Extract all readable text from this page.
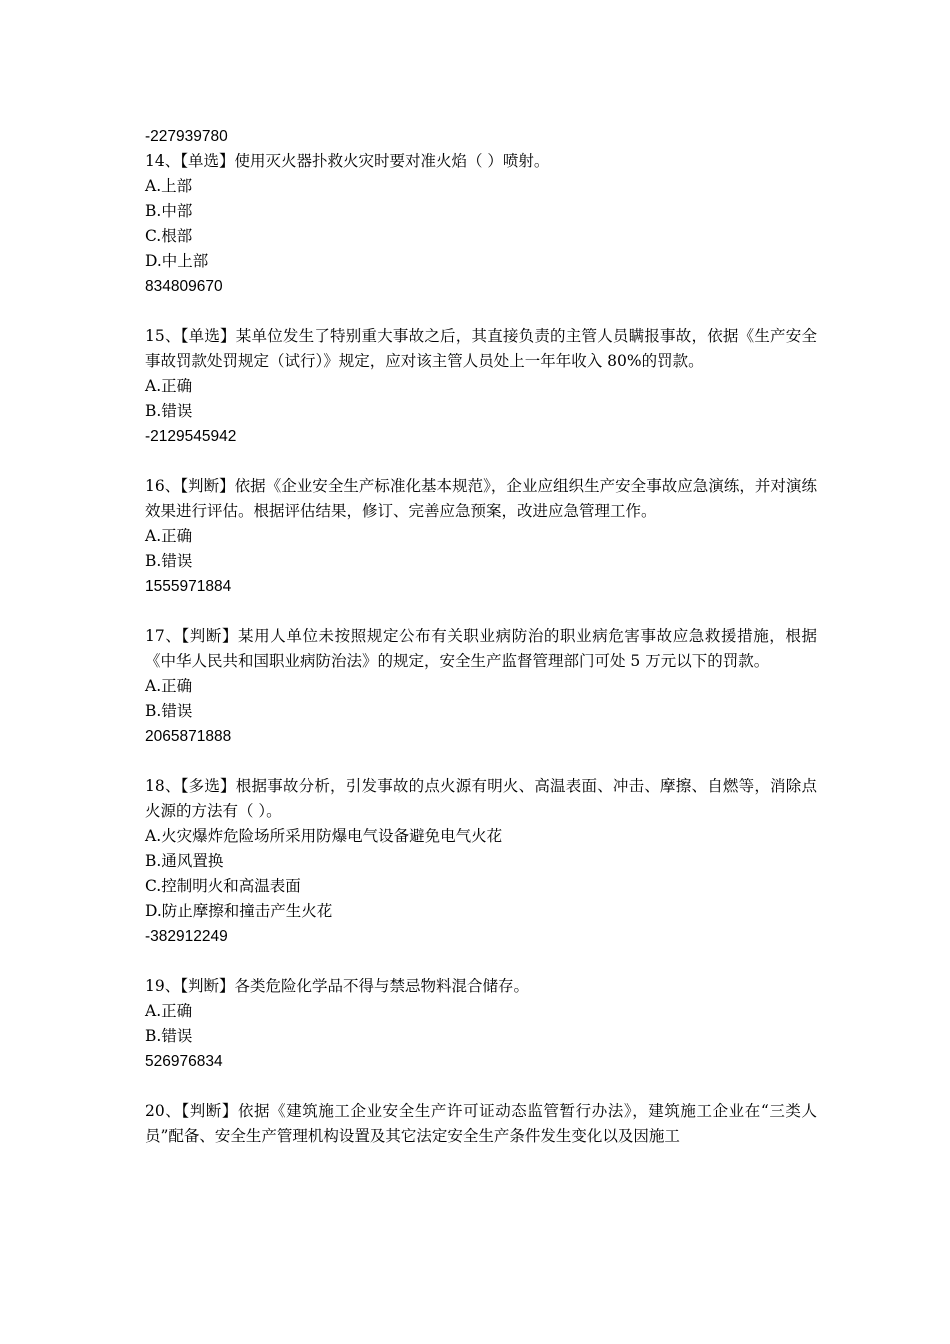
-227939780
14、【单选】使用灭火器扑救火灾时要对准火焰（ ）喷射。
A.上部
B.中部
C.根部
D.中上部
834809670
15、【单选】某单位发生了特别重大事故之后，其直接负责的主管人员瞒报事故，依据《生产安全事故罚款处罚规定（试行）》规定，应对该主管人员处上一年年收入 80%的罚款。
A.正确
B.错误
-2129545942
16、【判断】依据《企业安全生产标准化基本规范》，企业应组织生产安全事故应急演练，并对演练效果进行评估。根据评估结果，修订、完善应急预案，改进应急管理工作。
A.正确
B.错误
1555971884
17、【判断】某用人单位未按照规定公布有关职业病防治的职业病危害事故应急救援措施，根据《中华人民共和国职业病防治法》的规定，安全生产监督管理部门可处 5 万元以下的罚款。
A.正确
B.错误
2065871888
18、【多选】根据事故分析，引发事故的点火源有明火、高温表面、冲击、摩擦、自燃等，消除点火源的方法有（ ）。
A.火灾爆炸危险场所采用防爆电气设备避免电气火花
B.通风置换
C.控制明火和高温表面
D.防止摩擦和撞击产生火花
-382912249
19、【判断】各类危险化学品不得与禁忌物料混合储存。
A.正确
B.错误
526976834
20、【判断】依据《建筑施工企业安全生产许可证动态监管暂行办法》，建筑施工企业在“三类人员”配备、安全生产管理机构设置及其它法定安全生产条件发生变化以及因施工
